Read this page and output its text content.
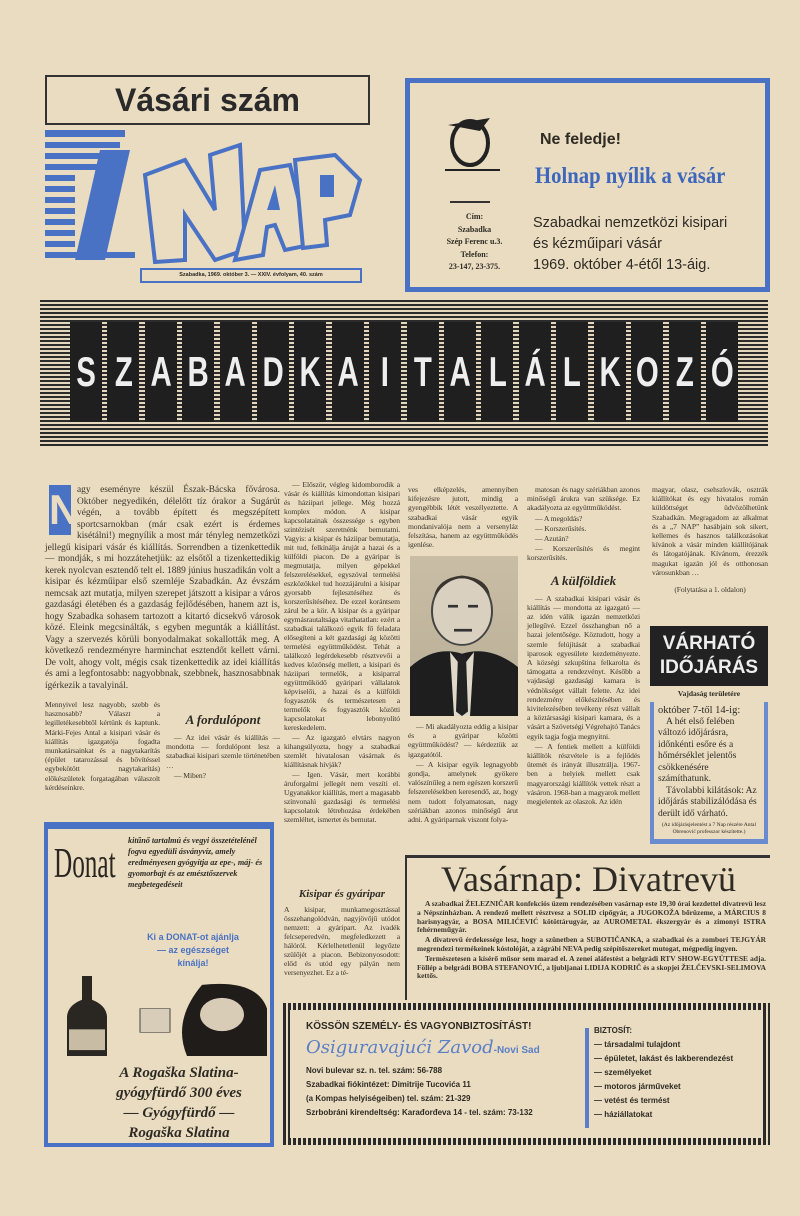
Vásári szám
Szabadka, 1969. október 3. — XXIV. évfolyam, 40. szám
Ne feledje!
Holnap nyílik a vásár
Cím:
Szabadka
Szép Ferenc u.3.
Telefon:
23-147, 23-375.
Szabadkai nemzetközi kisipari
és kézműipari vásár
1969. október 4-étől 13-áig.
S Z A B A D K A I T A L Á L K O Z Ó
N
agy eseményre készül Észak-Bácska fővárosa. Október negyedikén, délelőtt tíz órakor a Sugárút végén, a tovább épített és megszépített sportcsarnokban (már csak ezért is érdemes kisétálni!) megnyílik a most már tényleg nemzetközi jellegű kisipari vásár és kiállítás. Sorrendben a tizenkettedik — mondják, s mi hozzátehetjük: az elsőtől a tizenkettedikig kerek nyolcvan esztendő telt el. 1889 június huszadikán volt a kisipar és kézműipar első szemléje Szabadkán. Az évszám nemcsak azt mutatja, milyen szerepet játszott a kisipar a város gazdasági életében és a gazdaság fejlődésében, hanem azt is, hogy Szabadka sohasem tartozott a kitartó dicsekvő városok közé. Eleink megcsinálták, s egyben megunták a kiállítást. Vagy a szervezés körüli bonyodalmakat sokallották meg. A következő rendezményre harminchat esztendőt kellett várni. De volt, ahogy volt, mégis csak tizenkettedik az idei kiállítás és ami a legfontosabb: nagyobbnak, szebbnek, hasznosabbnak ígérkezik a tavalyinál.
Mennyivel lesz nagyobb, szebb és hasznosabb? Választ a legilletékesebbtől kértünk és kaptunk. Márki-Fejes Antal a kisipari vásár és kiállítás igazgatója fogadta munkatársainkat és a nagytakarítás (épület tatarozással és bővítéssel egybekötött nagytakarítás) előkészületek forgatagában válaszolt kérdéseinkre.
A fordulópont

— Az idei vásár és kiállítás — mondotta — fordulópont lesz a szabadkai kisipari szemle történetében …

— Miben?

— Először, végleg kidomborodik a vásár és kiállítás kimondottan kisipari és háziipari jellege. Még hozzá komplex módon. A kisipar kapcsolatainak összessége s egyben szintézisét szeretnénk bemutatni. Vagyis: a kisipar és háziipar bemutatja, mit tud, felkínálja áruját a hazai és a külföldi piacon. De a gyáripar is megmutatja, milyen gépekkel felszerelésekkel, egyszóval termelési eszközökkel tud hozzájárulni a kisipar gyorsabb fejlesztéséhez és korszerűsítéséhez. De ezzel korántsem zárul be a kör. A kisipar és a gyáripar egymásrautaltsága vitathatatlan: ezért a szabadkai találkozó egyik fő feladata elősegíteni a két gazdasági ág közötti termelési együttműködést. Tehát a találkozó legérdekesebb résztvevői a kedves közönség mellett, a kisipari és háziipari termelők, a kisiparral együttműködő gyáripari vállalatok képviselői, a hazai és a külföldi fogyasztók és természetesen a termelők és fogyasztók közötti kapcsolatokat lebonyolító kereskedelem.

— Az igazgató elvtárs nagyon kihangsúlyozta, hogy a szabadkai szemlét hivatalosan vásárnak és kiállításnak hívják?

— Igen. Vásár, mert korábbi áruforgalmi jellegét nem veszíti el. Ugyanakkor kiállítás, mert a magasabb színvonalú gazdasági és termelési kapcsolatok létrehozása érdekében szemléltet, ismertet és bemutat.

Kisipar és gyáripar
A kisipar, munkamegosztással összehangolódván, nagyjövőjű utódot nemzett: a gyáripart. Az ivadék felcseperedvén, megfeledkezett a hálóról. Kérlelhetetlenül legyőzte szülőjét a piacon. Bebizonyosodott: előd és utód egy pályán nem versenyezhet. Ez a té-
ves elképzelés, amennyiben kifejezésre jutott, mindig a gyengébbik létét veszélyeztette. A szabadkai vásár egyik mondanivalója nem a versenyláz felszítása, hanem az együttműködés igenlése.

— Mi akadályozta eddig a kisipar és a gyáripar közötti együttműködést? — kérdeztük az igazgatótól.

— A kisipar egyik legnagyobb gondja, amelynek gyökere valószínűleg a nem egészen korszerű felszerelésekben keresendő, az, hogy nem tudott folyamatosan, nagy szériákban azonos minőségű árut adni. A gyáriparnak viszont folya-

matosan és nagy szériákban azonos minőségű árukra van szüksége. Ez akadályozta az együttműködést.

— A megoldás?

— Korszerűsítés.

— Azután?

— Korszerűsítés és megint korszerűsítés.

A külföldiek

— A szabadkai kisipari vásár és kiállítás — mondotta az igazgató — az idén válik igazán nemzetközi jellegűvé. Ezzel összhangban nő a hazai jelentősége. Köztudott, hogy a szemle felújítását a szabadkai iparosok egyesülete kezdeményezte. A községi szkupština felkarolta és támogatta a rendezvényt. Később a vajdasági gazdasági kamara is védnökséget vállalt felette. Az idei rendezmény előkészítésében és kivitelezésében tevékeny részt vállalt a köztársasági kisipari kamara, és a vásárt a Szövetségi Végrehajtó Tanács egyik tagja fogja megnyitni.

— A fentiek mellett a külföldi kiállítók részvétele is a fejlődés ütemét és irányát illusztrálja. 1967-ben a helyiek mellett csak magyarországi kiállítók vettek részt a vásáron. 1968-ban a magyarok mellett megjelentek az olaszok. Az idén

magyar, olasz, csehszlovák, osztrák kiállítókat és egy hivatalos román küldöttséget üdvözölhetünk Szabadkán. Megragadom az alkalmat és a „7 NAP” hasábjain sok sikert, kellemes és hasznos találkozásokat kívánok a vásár minden kiállítójának és látogatójának. Kívánom, érezzék magukat igazán jól és otthonosan városunkban …
(Folytatása a 1. oldalon)
VÁRHATÓ
IDŐJÁRÁS
Vajdaság területére
október 7-től 14-ig:
A hét első felében változó időjárásra, időnkénti esőre és a hőmérséklet jelentős csökkenésére számíthatunk.
Távolabbi kilátások: Az időjárás stabilizálódása és derült idő várható.
(Az időjárásjelentést a 7 Nap részére Antal Obrenović professzor készítette.)
Vasárnap: Divatrevü

A szabadkai ŽELEZNIČAR konfekciós üzem rendezésében vasárnap este 19,30 órai kezdettel divatrevü lesz a Népszínházban. A rendező mellett résztvesz a SOLID cipőgyár, a JUGOKOŽA bőrüzeme, a MÁRCIUS 8 harisnyagyár, a BOSA MILIĆEVIĆ kötöttárugyár, az AUROMETAL ékszergyár és a zimonyi ISTRA fehérneműgyár.

A divatrevü érdekessége lesz, hogy a szünetben a SUBOTIČANKA, a szabadkai és a zombori TEJGYÁR megrendezi termékeinek kóstolóját, a zágrábi NEVA pedig szépítőszereket mutogat, mégpedig ingyen.

Természetesen a kísérő műsor sem marad el. A zenei aláfestést a belgrádi RTV SHOW-EGYÜTTESE adja. Föllép a belgrádi BOBA STEFANOVIĆ, a ljubljanai LIDIJA KODRIČ és a skopjei ŽELČEVSKI-SELIMOVA kettős.

Donat
kitűnő tartalmú és vegyi összetételénél fogva egyedüli ásványvíz, amely eredményesen gyógyítja az epe-, máj- és gyomorbajt és az emésztőszervek megbetegedéseit
Ki a DONAT-ot ajánlja
— az egészséget
kínálja!
A Rogaška Slatina-
gyógyfürdő 300 éves
— Gyógyfürdő —
Rogaška Slatina
KÖSSÖN SZEMÉLY- ÉS VAGYONBIZTOSÍTÁST!
Osiguravajući Zavod-Novi Sad
Novi bulevar sz. n. tel. szám: 56-788
Szabadkai fiókintézet: Dimitrije Tucovića 11
(a Kompas helyiségeiben) tel. szám: 21-329
Szrbobráni kirendeltség: Karađorđeva 14 - tel. szám: 73-132
BIZTOSÍT:
— társadalmi tulajdont
— épületet, lakást és lakberendezést
— személyeket
— motoros járműveket
— vetést és termést
— háziállatokat
